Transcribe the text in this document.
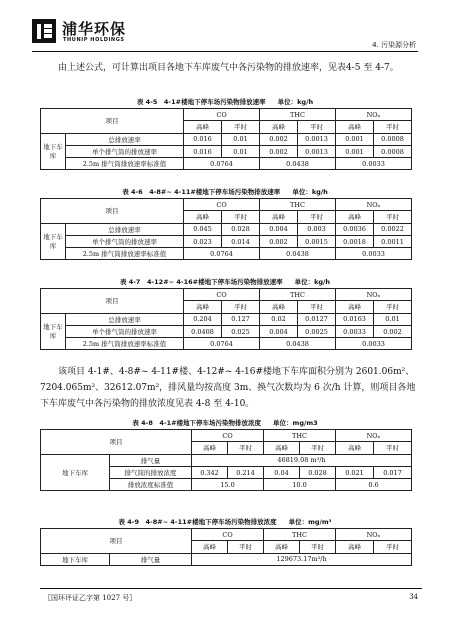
浦华环保
THUNIP HOLDINGS
4. 污染源分析
由上述公式，可计算出项目各地下车库废气中各污染物的排放速率，见表4-5 至 4-7。
表 4-5　4-1#楼地下停车场污染物排放速率 单位：kg/h
项目		CO		THC		NOₓ	
		高峰	平时	高峰	平时	高峰	平时
地下车库	总排放速率	0.016	0.01	0.002	0.0013	0.001	0.0008
	单个排气筒的排放速率	0.016	0.01	0.002	0.0013	0.001	0.0008
	2.5m 排气筒排放速率标准值	0.0764		0.0438		0.0033	
表 4-6　4-8#~ 4-11#楼地下停车场污染物排放速率 单位：kg/h
项目		CO		THC		NOₓ	
		高峰	平时	高峰	平时	高峰	平时
地下车库	总排放速率	0.045	0.028	0.004	0.003	0.0036	0.0022
	单个排气筒的排放速率	0.023	0.014	0.002	0.0015	0.0018	0.0011
	2.5m 排气筒排放速率标准值	0.0764		0.0438		0.0033	
表 4-7　4-12#~ 4-16#楼地下停车场污染物排放速率 单位：kg/h
项目		CO		THC		NOₓ	
		高峰	平时	高峰	平时	高峰	平时
地下车库	总排放速率	0.204	0.127	0.02	0.0127	0.0163	0.01
	单个排气筒的排放速率	0.0408	0.025	0.004	0.0025	0.0033	0.002
	2.5m 排气筒排放速率标准值	0.0764		0.0438		0.0033	
该项目 4-1#、4-8#~ 4-11#楼、4-12#~ 4-16#楼地下车库面积分别为 2601.06m²、7204.065m²、32612.07m²，排风量均按高度 3m、换气次数均为 6 次/h 计算，则项目各地下车库废气中各污染物的排放浓度见表 4-8 至 4-10。
表 4-8　4-1#楼地下停车场污染物排放浓度 单位：mg/m3
项目		CO		THC		NOₓ	
		高峰	平时	高峰	平时	高峰	平时
地下车库	排气量	46819.08 m³/h					
	排气筒的排放浓度	0.342	0.214	0.04	0.028	0.021	0.017
	排放浓度标准值	15.0		10.0		0.6	
表 4-9　4-8#~ 4-11#楼地下停车场污染物排放浓度 单位：mg/m³
项目		CO		THC		NOₓ	
		高峰	平时	高峰	平时	高峰	平时
地下车库	排气量	129673.17m³/h					
〖国环评证乙字第 1027 号〗	34
